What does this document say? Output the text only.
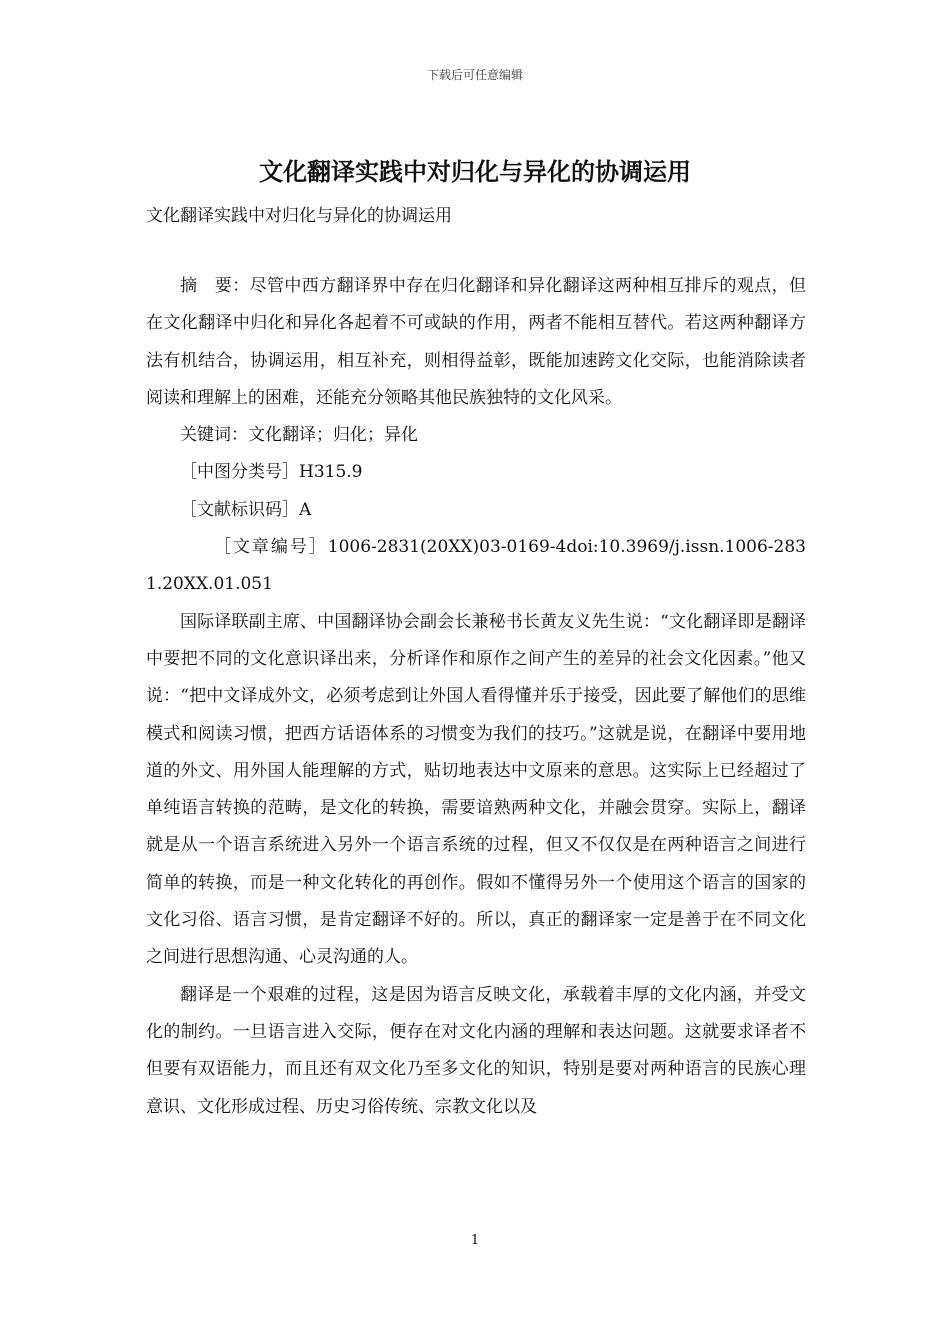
下载后可任意编辑
文化翻译实践中对归化与异化的协调运用
文化翻译实践中对归化与异化的协调运用

摘　要：尽管中西方翻译界中存在归化翻译和异化翻译这两种相互排斥的观点，但在文化翻译中归化和异化各起着不可或缺的作用，两者不能相互替代。若这两种翻译方法有机结合，协调运用，相互补充，则相得益彰，既能加速跨文化交际，也能消除读者阅读和理解上的困难，还能充分领略其他民族独特的文化风采。

关键词：文化翻译；归化；异化

［中图分类号］H315.9

［文献标识码］A

［文章编号］1006-2831(20XX)03-0169-4doi:10.3969/j.issn.1006-2831.20XX.01.051

国际译联副主席、中国翻译协会副会长兼秘书长黄友义先生说：“文化翻译即是翻译中要把不同的文化意识译出来，分析译作和原作之间产生的差异的社会文化因素。”他又说：“把中文译成外文，必须考虑到让外国人看得懂并乐于接受，因此要了解他们的思维模式和阅读习惯，把西方话语体系的习惯变为我们的技巧。”这就是说，在翻译中要用地道的外文、用外国人能理解的方式，贴切地表达中文原来的意思。这实际上已经超过了单纯语言转换的范畴，是文化的转换，需要谙熟两种文化，并融会贯穿。实际上，翻译就是从一个语言系统进入另外一个语言系统的过程，但又不仅仅是在两种语言之间进行简单的转换，而是一种文化转化的再创作。假如不懂得另外一个使用这个语言的国家的文化习俗、语言习惯，是肯定翻译不好的。所以，真正的翻译家一定是善于在不同文化之间进行思想沟通、心灵沟通的人。

翻译是一个艰难的过程，这是因为语言反映文化，承载着丰厚的文化内涵，并受文化的制约。一旦语言进入交际，便存在对文化内涵的理解和表达问题。这就要求译者不但要有双语能力，而且还有双文化乃至多文化的知识，特别是要对两种语言的民族心理意识、文化形成过程、历史习俗传统、宗教文化以及

1
